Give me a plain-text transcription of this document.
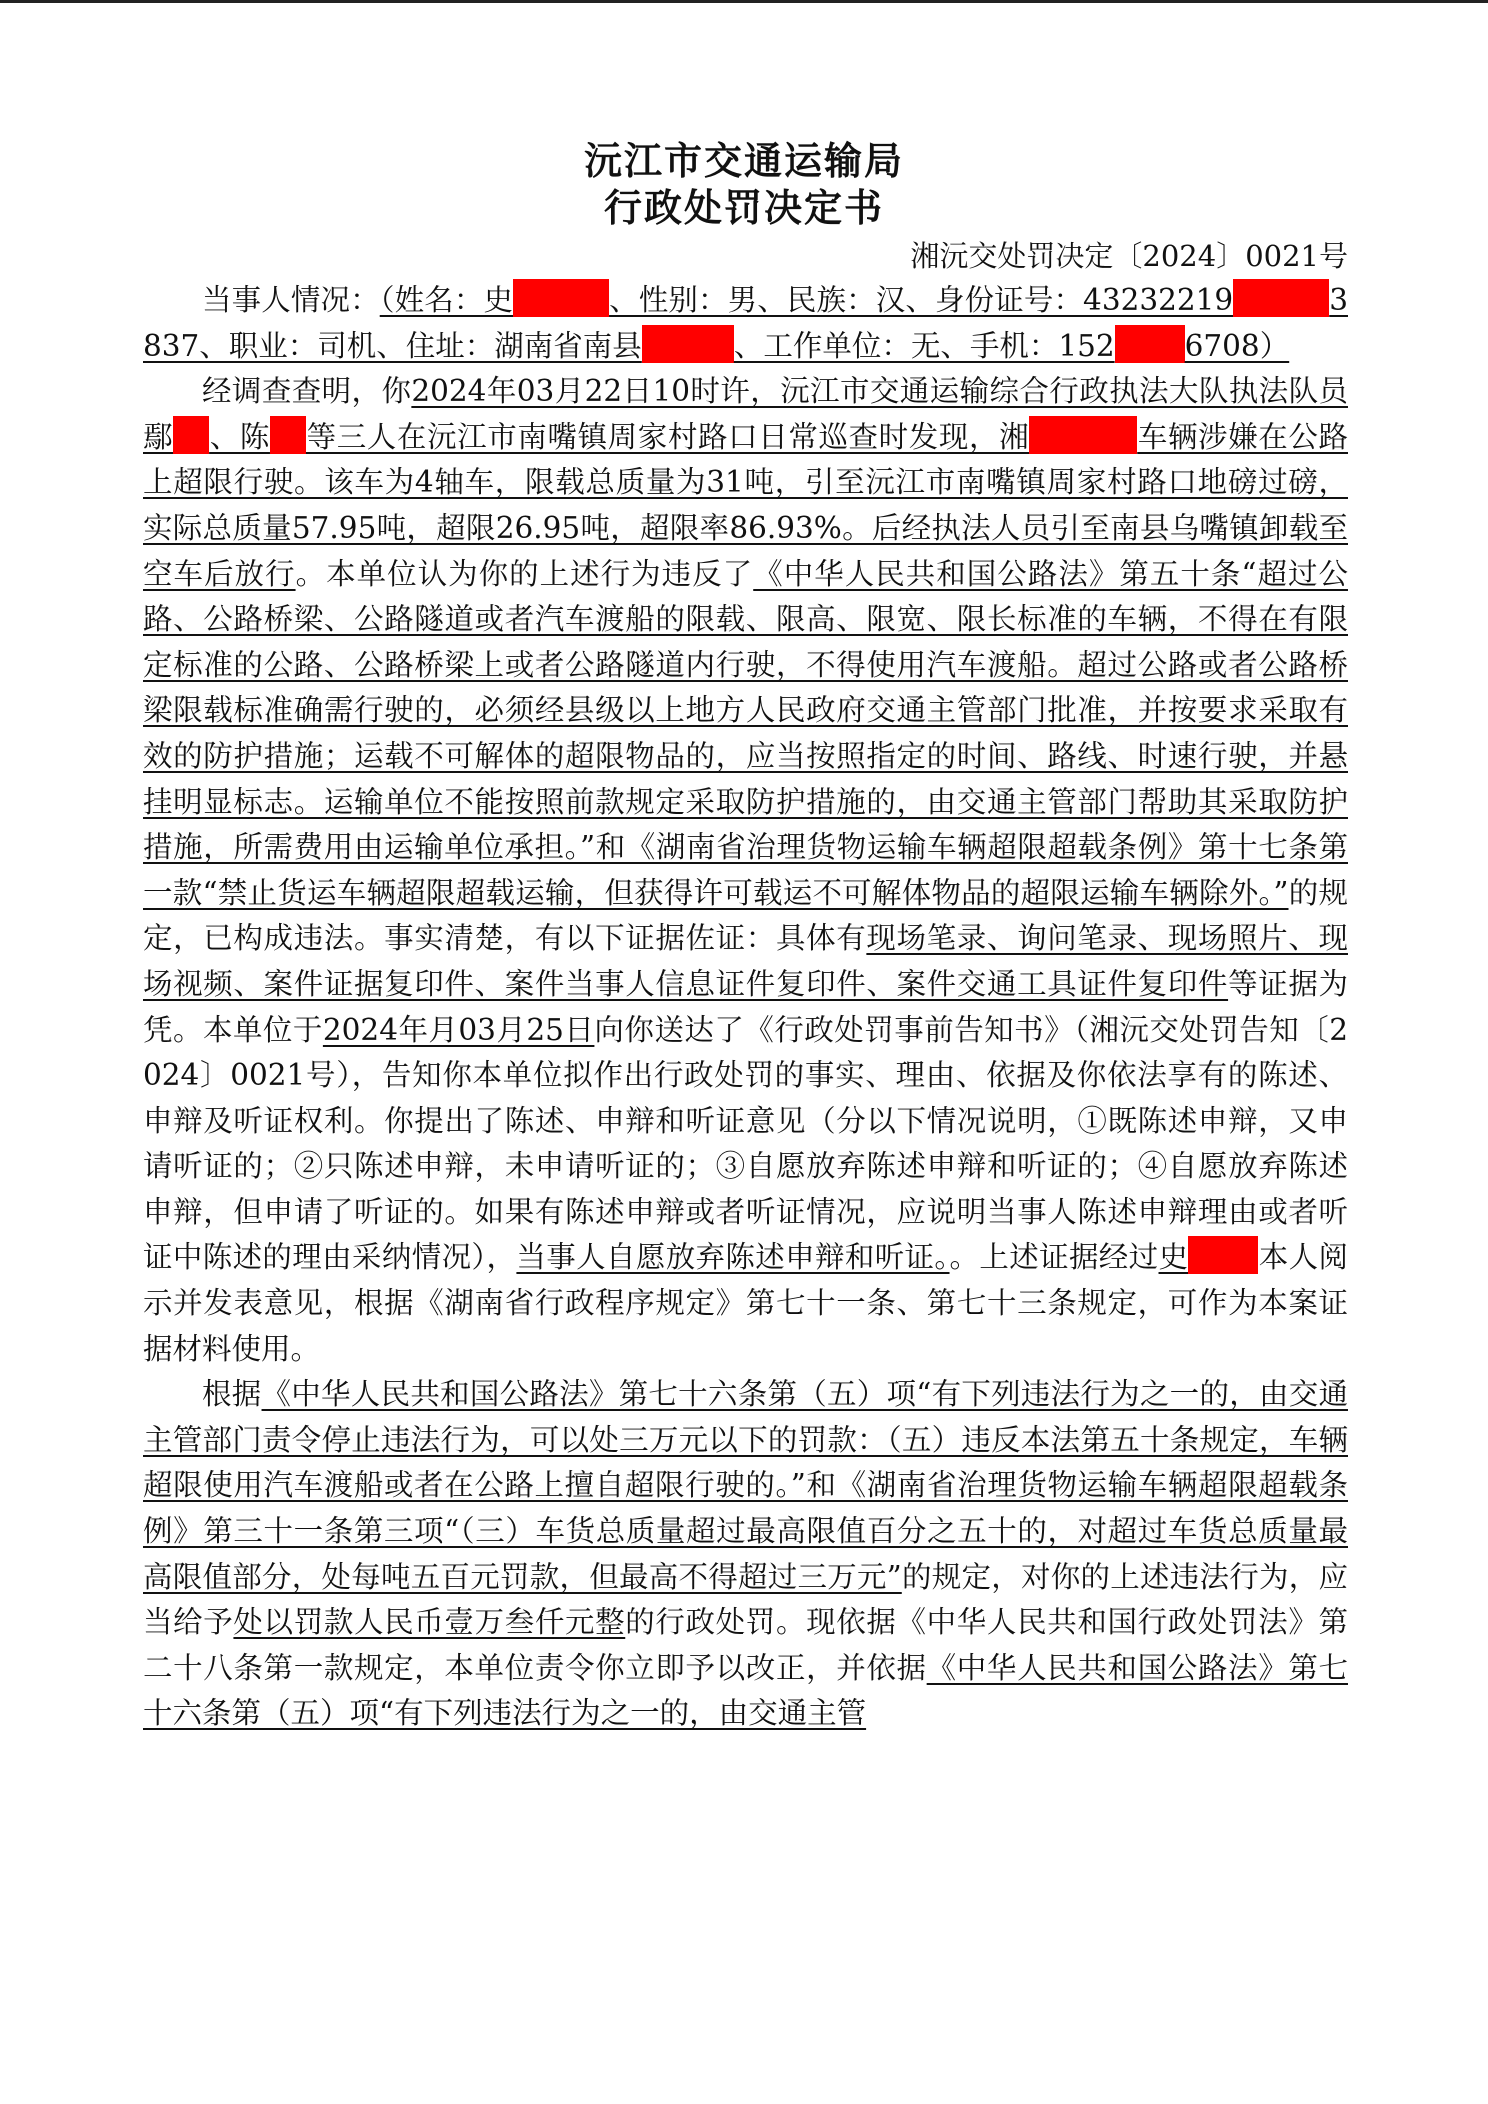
沅江市交通运输局
行政处罚决定书
湘沅交处罚决定〔2024〕0021号

当事人情况：（姓名：史	、性别：男、民族：汉、身份证号：43232219	3837、职业：司机、住址：湖南省南县	、工作单位：无、手机：152 6708）

经调查查明，你2024年03月22日10时许，沅江市交通运输综合行政执法大队执法队员鄢 、陈 等三人在沅江市南嘴镇周家村路口日常巡查时发现，湘	车辆涉嫌在公路上超限行驶。该车为4轴车，限载总质量为31吨，引至沅江市南嘴镇周家村路口地磅过磅，实际总质量57.95吨，超限26.95吨，超限率86.93%。后经执法人员引至南县乌嘴镇卸载至空车后放行。本单位认为你的上述行为违反了《中华人民共和国公路法》第五十条“超过公路、公路桥梁、公路隧道或者汽车渡船的限载、限高、限宽、限长标准的车辆，不得在有限定标准的公路、公路桥梁上或者公路隧道内行驶，不得使用汽车渡船。超过公路或者公路桥梁限载标准确需行驶的，必须经县级以上地方人民政府交通主管部门批准，并按要求采取有效的防护措施；运载不可解体的超限物品的，应当按照指定的时间、路线、时速行驶，并悬挂明显标志。运输单位不能按照前款规定采取防护措施的，由交通主管部门帮助其采取防护措施，所需费用由运输单位承担。”和《湖南省治理货物运输车辆超限超载条例》第十七条第一款“禁止货运车辆超限超载运输，但获得许可载运不可解体物品的超限运输车辆除外。”的规定，已构成违法。事实清楚，有以下证据佐证：具体有现场笔录、询问笔录、现场照片、现场视频、案件证据复印件、案件当事人信息证件复印件、案件交通工具证件复印件等证据为凭。本单位于2024年月03月25日向你送达了《行政处罚事前告知书》（湘沅交处罚告知〔2024〕0021号），告知你本单位拟作出行政处罚的事实、理由、依据及你依法享有的陈述、申辩及听证权利。你提出了陈述、申辩和听证意见（分以下情况说明，①既陈述申辩，又申请听证的；②只陈述申辩，未申请听证的；③自愿放弃陈述申辩和听证的；④自愿放弃陈述申辩，但申请了听证的。如果有陈述申辩或者听证情况，应说明当事人陈述申辩理由或者听证中陈述的理由采纳情况），当事人自愿放弃陈述申辩和听证。。上述证据经过史 本人阅示并发表意见，根据《湖南省行政程序规定》第七十一条、第七十三条规定，可作为本案证据材料使用。

根据《中华人民共和国公路法》第七十六条第（五）项“有下列违法行为之一的，由交通主管部门责令停止违法行为，可以处三万元以下的罚款：（五）违反本法第五十条规定，车辆超限使用汽车渡船或者在公路上擅自超限行驶的。”和《湖南省治理货物运输车辆超限超载条例》第三十一条第三项“（三）车货总质量超过最高限值百分之五十的，对超过车货总质量最高限值部分，处每吨五百元罚款，但最高不得超过三万元”的规定，对你的上述违法行为，应当给予处以罚款人民币壹万叁仟元整的行政处罚。现依据《中华人民共和国行政处罚法》第二十八条第一款规定，本单位责令你立即予以改正，并依据《中华人民共和国公路法》第七十六条第（五）项“有下列违法行为之一的，由交通主管
